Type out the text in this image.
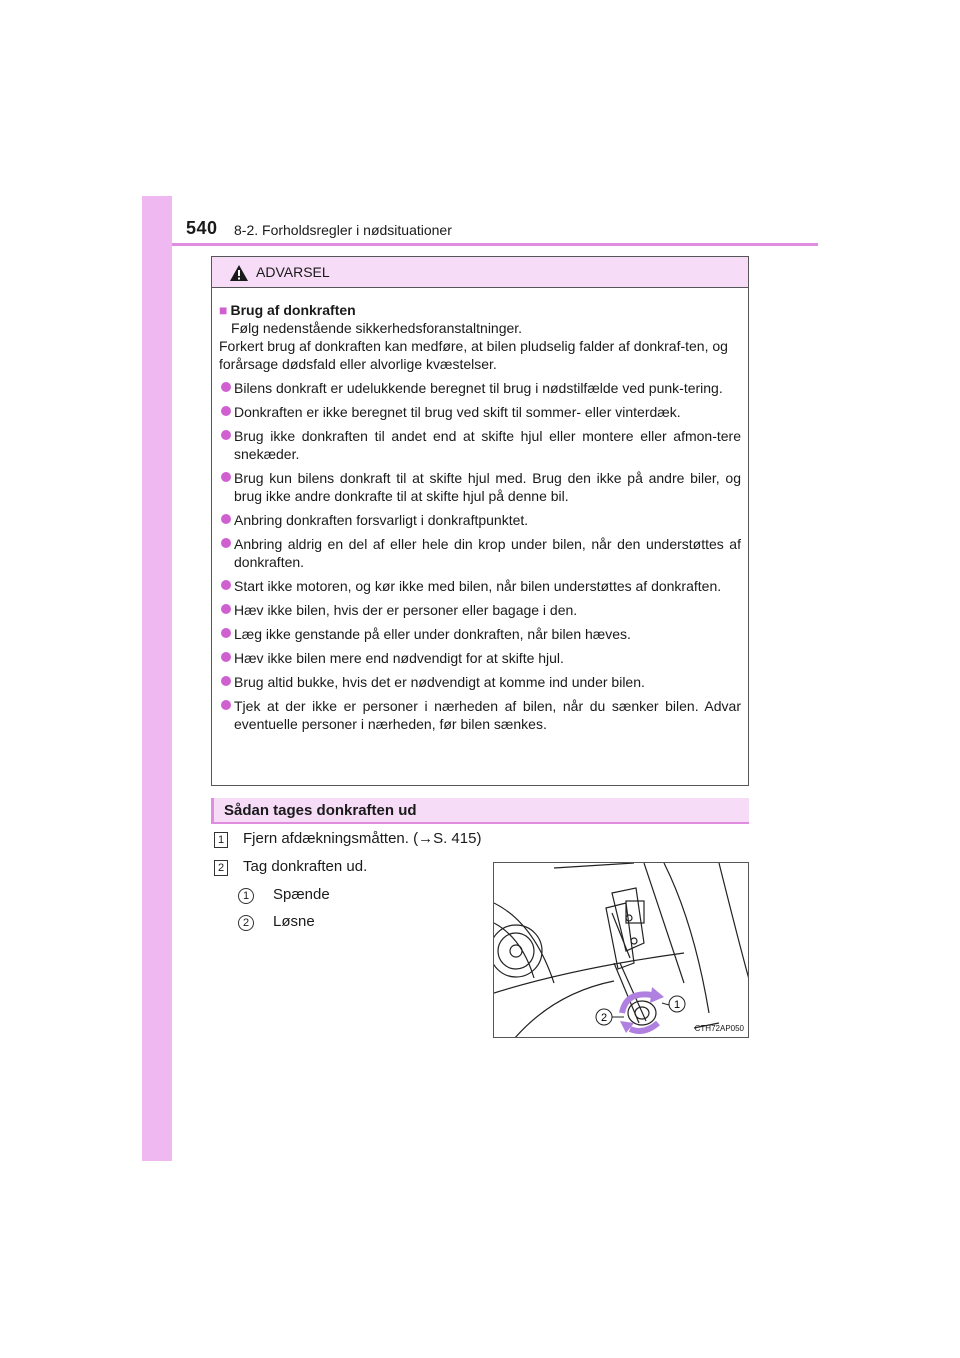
540 8-2. Forholdsregler i nødsituationer
ADVARSEL
■ Brug af donkraften
Følg nedenstående sikkerhedsforanstaltninger.
Forkert brug af donkraften kan medføre, at bilen pludselig falder af donkraf-ten, og forårsage dødsfald eller alvorlige kvæstelser.
Bilens donkraft er udelukkende beregnet til brug i nødstilfælde ved punk-tering.
Donkraften er ikke beregnet til brug ved skift til sommer- eller vinterdæk.
Brug ikke donkraften til andet end at skifte hjul eller montere eller afmon-tere snekæder.
Brug kun bilens donkraft til at skifte hjul med. Brug den ikke på andre biler, og brug ikke andre donkrafte til at skifte hjul på denne bil.
Anbring donkraften forsvarligt i donkraftpunktet.
Anbring aldrig en del af eller hele din krop under bilen, når den understøttes af donkraften.
Start ikke motoren, og kør ikke med bilen, når bilen understøttes af donkraften.
Hæv ikke bilen, hvis der er personer eller bagage i den.
Læg ikke genstande på eller under donkraften, når bilen hæves.
Hæv ikke bilen mere end nødvendigt for at skifte hjul.
Brug altid bukke, hvis det er nødvendigt at komme ind under bilen.
Tjek at der ikke er personer i nærheden af bilen, når du sænker bilen. Advar eventuelle personer i nærheden, før bilen sænkes.
Sådan tages donkraften ud
1 Fjern afdækningsmåtten. (→S. 415)
2 Tag donkraften ud.
1	Spænde
2	Løsne
1
2
CTH72AP050
